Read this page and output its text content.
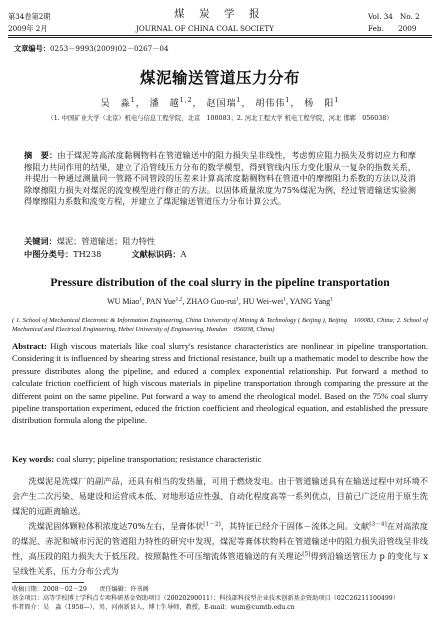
第34卷第2期	煤　炭　学　报	Vol. 34　No. 2
2009年 2月	JOURNAL OF CHINA COAL SOCIETY	Feb.　　2009
文章编号：0253－9993(2009)02－0267－04
煤泥输送管道压力分布
吴　淼$^1$， 潘　越$^{1,2}$， 赵国瑞$^1$， 胡伟伟$^1$， 杨　阳$^1$
（1. 中国矿业大学（北京）机电与信息工程学院，北京　100083；2. 河北工程大学 机电工程学院，河北 邯郸　056038）
摘　要：由于煤泥等高浓度黏稠物料在管道输送中的阻力损失呈非线性，考虑剪应阻力损失及剪切应力和摩擦阻力共同作用的结果，建立了沿管线压力分布的数学模型，得到管线内压力变化服从一复杂的指数关系，并提出一种通过测量同一管路不同管段的压差来计算高浓度黏稠物料在管道中的摩擦阻力系数的方法以及消除摩擦阻力损失对煤泥的流变模型进行修正的方法。以固体质量浓度为75%煤泥为例，经过管道输送实验测得摩擦阻力系数和流变方程，并建立了煤泥输送管道压力分布计算公式。
关键词：煤泥；管道输送；阻力特性
中图分类号：TH238	文献标识码：A
Pressure distribution of the coal slurry in the pipeline transportation
WU Miao$^1$, PAN Yue$^{1,2}$, ZHAO Guo-rui$^1$, HU Wei-wei$^1$, YANG Yang$^1$
( 1. School of Mechanical Electronic & Information Engineering, China University of Mining & Technology ( Beijing ), Beijing　100083, China; 2. School of Mechanical and Electrical Engineering, Hebei University of Engineering, Handan　056038, China)
Abstract: High viscous materials like coal slurry's resistance characteristics are nonlinear in pipeline transportation. Considering it is influenced by shearing stress and frictional resistance, built up a mathematic model to describe how the pressure distributes along the pipeline, and educed a complex exponential relationship. Put forward a method to calculate friction coefficient of high viscous materials in pipeline transportation through comparing the pressure at the different point on the same pipeline. Put forward a way to amend the rheological model. Based on the 75% coal slurry pipeline transportation experiment, educed the friction coefficient and rheological equation, and established the pressure distribution formula along the pipeline.
Key words: coal slurry; pipeline transportation; resistance characteristic

洗煤泥是洗煤厂的副产品，还具有相当的发热量，可用于燃烧发电。由于管道输送具有在输送过程中对环境不会产生二次污染、易建设和运营成本低、对地形适应性强、自动化程度高等一系列优点，目前已广泛应用于原生洗煤泥的远距离输送。

洗煤泥固体颗粒体积浓度达70%左右，呈膏体状[1－2]，其特征已经介于固体－流体之间。文献[3－4]在对高浓度的煤泥、赤泥和城市污泥的管道阻力特性的研究中发现，煤泥等膏体状物料在管道输送中的阻力损失沿管线呈非线性，高压段的阻力损失大于低压段。按照黏性不可压缩流体管道输送的有关理论[5]得到沿输送管压力 p 的变化与 x 呈线性关系，压力分布公式为

收稿日期：2008－02－29　　责任编辑：许书阁
基金项目：高等学校博士学科点专项科研基金资助项目（20020290011）；科技部科技型企业技术创新基金资助项目（02C26211100499）
作者简介：吴　淼（1958—），男，河南新县人，博士生导师，教授。E-mail：wum@cumtb.edu.cn
